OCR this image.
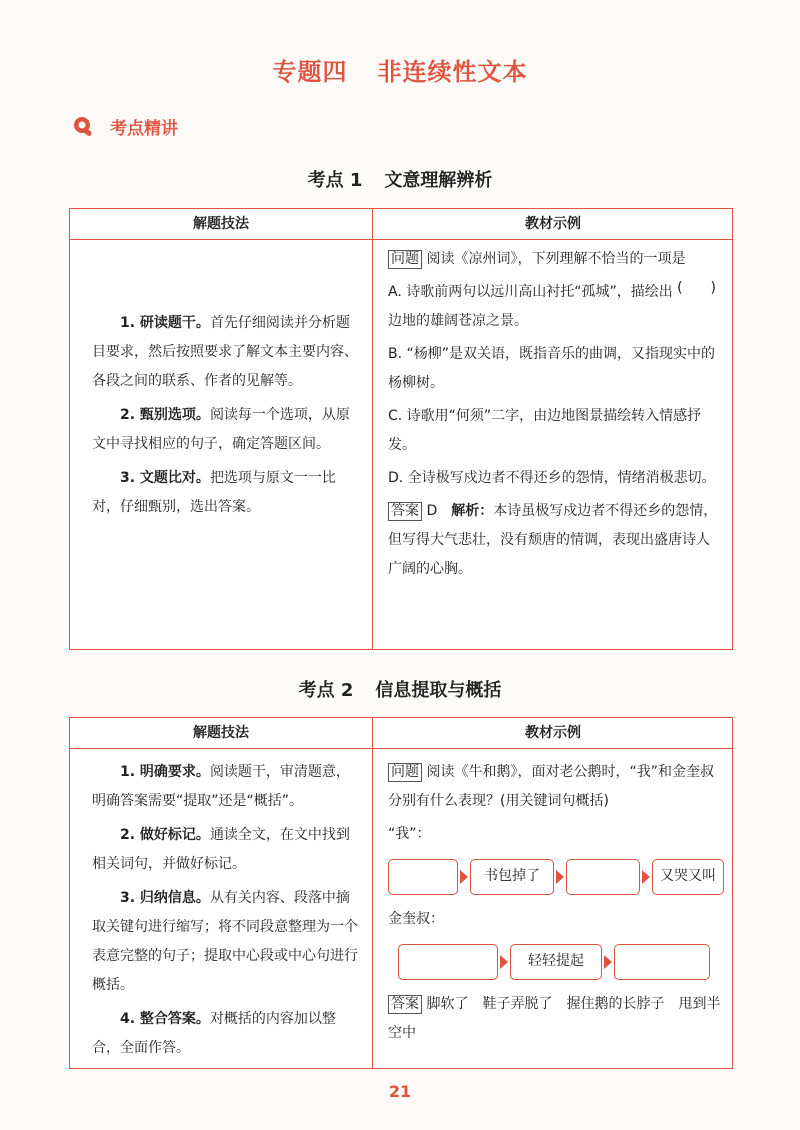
专题四 非连续性文本
考点精讲
考点 1 文意理解辨析
解题技法	教材示例

1. 研读题干。首先仔细阅读并分析题目要求，然后按照要求了解文本主要内容、各段之间的联系、作者的见解等。

2. 甄别选项。阅读每一个选项，从原文中寻找相应的句子，确定答题区间。

3. 文题比对。把选项与原文一一比对，仔细甄别，选出答案。

问题 阅读《凉州词》，下列理解不恰当的一项是
(　　)

A. 诗歌前两句以远川高山衬托“孤城”，描绘出边地的雄阔苍凉之景。

B. “杨柳”是双关语，既指音乐的曲调，又指现实中的杨柳树。

C. 诗歌用“何须”二字，由边地图景描绘转入情感抒发。

D. 全诗极写戍边者不得还乡的怨情，情绪消极悲切。

答案 D　 解析：本诗虽极写戍边者不得还乡的怨情，但写得大气悲壮，没有颓唐的情调，表现出盛唐诗人广阔的心胸。

考点 2 信息提取与概括
解题技法	教材示例

1. 明确要求。阅读题干，审清题意，明确答案需要“提取”还是“概括”。

2. 做好标记。通读全文，在文中找到相关词句，并做好标记。

3. 归纳信息。从有关内容、段落中摘取关键句进行缩写；将不同段意整理为一个表意完整的句子；提取中心段或中心句进行概括。

4. 整合答案。对概括的内容加以整合，全面作答。

问题 阅读《牛和鹅》，面对老公鹅时，“我”和金奎叔分别有什么表现？(用关键词句概括)

“我”：

书包掉了	又哭又叫

金奎叔：

轻轻提起

答案 脚软了　鞋子弄脱了　握住鹅的长脖子　甩到半空中

21
